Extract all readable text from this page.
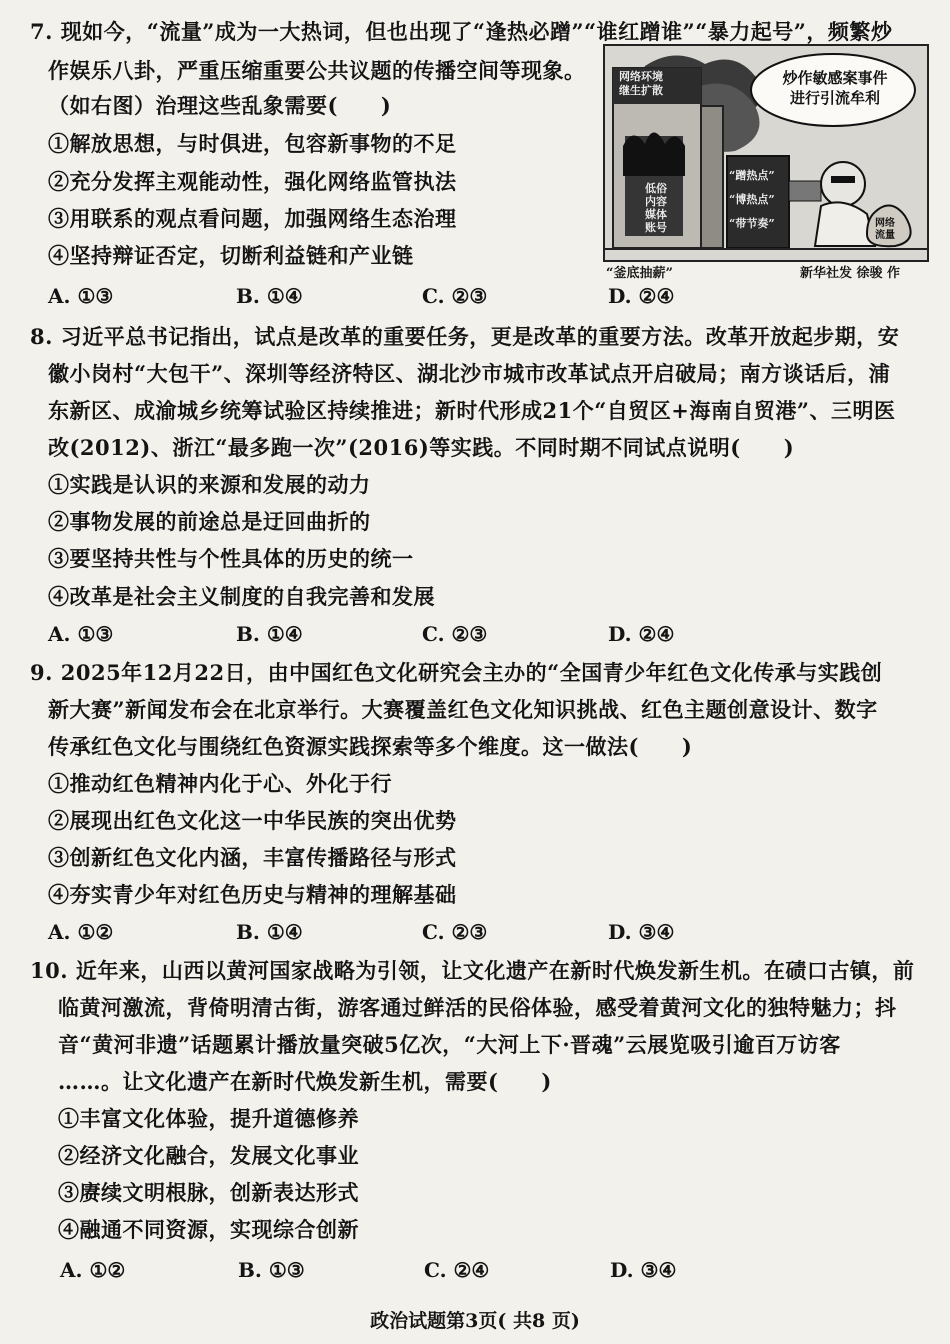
7. 现如今，“流量”成为一大热词，但也出现了“逢热必蹭”“谁红蹭谁”“暴力起号”，频繁炒
作娱乐八卦，严重压缩重要公共议题的传播空间等现象。
（如右图）治理这些乱象需要(　　)
①解放思想，与时俱进，包容新事物的不足
②充分发挥主观能动性，强化网络监管执法
③用联系的观点看问题，加强网络生态治理
④坚持辩证否定，切断利益链和产业链
A. ①③	B. ①④	C. ②③	D. ②④
炒作敏感案事件
进行引流牟利
网络环境
继生扩散
低俗
内容
媒体
账号
“蹭热点”
“博热点”
“带节奏”	网络
流量
“釜底抽薪”	新华社发 徐骏 作
8. 习近平总书记指出，试点是改革的重要任务，更是改革的重要方法。改革开放起步期，安
徽小岗村“大包干”、深圳等经济特区、湖北沙市城市改革试点开启破局；南方谈话后，浦
东新区、成渝城乡统筹试验区持续推进；新时代形成21个“自贸区+海南自贸港”、三明医
改(2012)、浙江“最多跑一次”(2016)等实践。不同时期不同试点说明(　　)
①实践是认识的来源和发展的动力
②事物发展的前途总是迂回曲折的
③要坚持共性与个性具体的历史的统一
④改革是社会主义制度的自我完善和发展
A. ①③	B. ①④	C. ②③	D. ②④
9. 2025年12月22日，由中国红色文化研究会主办的“全国青少年红色文化传承与实践创
新大赛”新闻发布会在北京举行。大赛覆盖红色文化知识挑战、红色主题创意设计、数字
传承红色文化与围绕红色资源实践探索等多个维度。这一做法(　　)
①推动红色精神内化于心、外化于行
②展现出红色文化这一中华民族的突出优势
③创新红色文化内涵，丰富传播路径与形式
④夯实青少年对红色历史与精神的理解基础
A. ①②	B. ①④	C. ②③	D. ③④
10. 近年来，山西以黄河国家战略为引领，让文化遗产在新时代焕发新生机。在碛口古镇，前
临黄河激流，背倚明清古街，游客通过鲜活的民俗体验，感受着黄河文化的独特魅力；抖
音“黄河非遗”话题累计播放量突破5亿次，“大河上下·晋魂”云展览吸引逾百万访客
……。让文化遗产在新时代焕发新生机，需要(　　)
①丰富文化体验，提升道德修养
②经济文化融合，发展文化事业
③赓续文明根脉，创新表达形式
④融通不同资源，实现综合创新
A. ①②	B. ①③	C. ②④	D. ③④
政治试题第3页( 共8 页)
